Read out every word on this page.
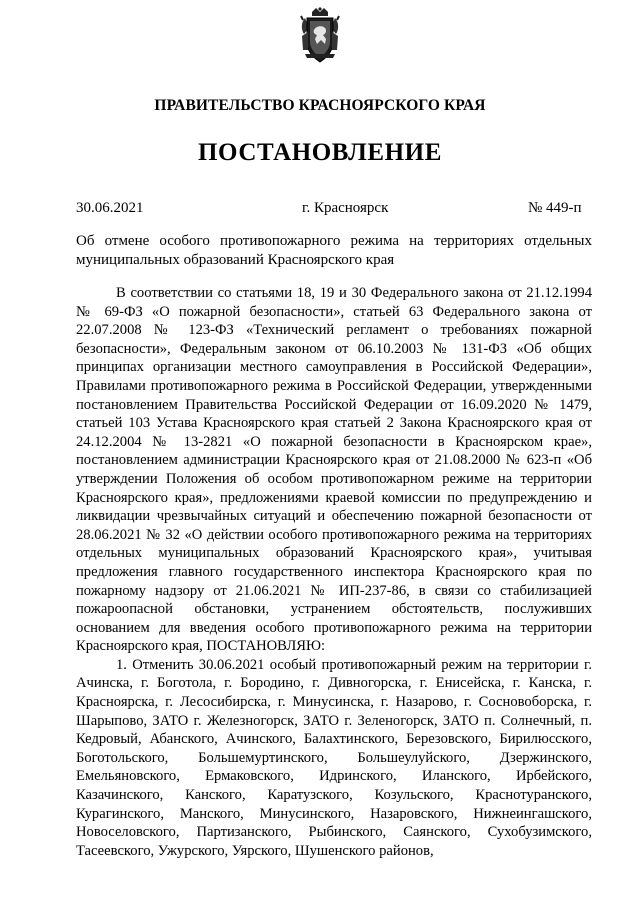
ПРАВИТЕЛЬСТВО КРАСНОЯРСКОГО КРАЯ
ПОСТАНОВЛЕНИЕ
30.06.2021	г. Красноярск	№ 449-п
Об отмене особого противопожарного режима на территориях отдельных муниципальных образований Красноярского края

В соответствии со статьями 18, 19 и 30 Федерального закона от 21.12.1994 № 69-ФЗ «О пожарной безопасности», статьей 63 Федерального закона от 22.07.2008 № 123-ФЗ «Технический регламент о требованиях пожарной безопасности», Федеральным законом от 06.10.2003 № 131-ФЗ «Об общих принципах организации местного самоуправления в Российской Федерации», Правилами противопожарного режима в Российской Федерации, утвержденными постановлением Правительства Российской Федерации от 16.09.2020 № 1479, статьей 103 Устава Красноярского края статьей 2 Закона Красноярского края от 24.12.2004 № 13-2821 «О пожарной безопасности в Красноярском крае», постановлением администрации Красноярского края от 21.08.2000 № 623-п «Об утверждении Положения об особом противопожарном режиме на территории Красноярского края», предложениями краевой комиссии по предупреждению и ликвидации чрезвычайных ситуаций и обеспечению пожарной безопасности от 28.06.2021 № 32 «О действии особого противопожарного режима на территориях отдельных муниципальных образований Красноярского края», учитывая предложения главного государственного инспектора Красноярского края по пожарному надзору от 21.06.2021 № ИП-237-86, в связи со стабилизацией пожароопасной обстановки, устранением обстоятельств, послуживших основанием для введения особого противопожарного режима на территории Красноярского края, ПОСТАНОВЛЯЮ:

1. Отменить 30.06.2021 особый противопожарный режим на территории г. Ачинска, г. Боготола, г. Бородино, г. Дивногорска, г. Енисейска, г. Канска, г. Красноярска, г. Лесосибирска, г. Минусинска, г. Назарово, г. Сосновоборска, г. Шарыпово, ЗАТО г. Железногорск, ЗАТО г. Зеленогорск, ЗАТО п. Солнечный, п. Кедровый, Абанского, Ачинского, Балахтинского, Березовского, Бирилюсского, Боготольского, Большемуртинского, Большеулуйского, Дзержинского, Емельяновского, Ермаковского, Идринского, Иланского, Ирбейского, Казачинского, Канского, Каратузского, Козульского, Краснотуранского, Курагинского, Манского, Минусинского, Назаровского, Нижнеингашского, Новоселовского, Партизанского, Рыбинского, Саянского, Сухобузимского, Тасеевского, Ужурского, Уярского, Шушенского районов,
